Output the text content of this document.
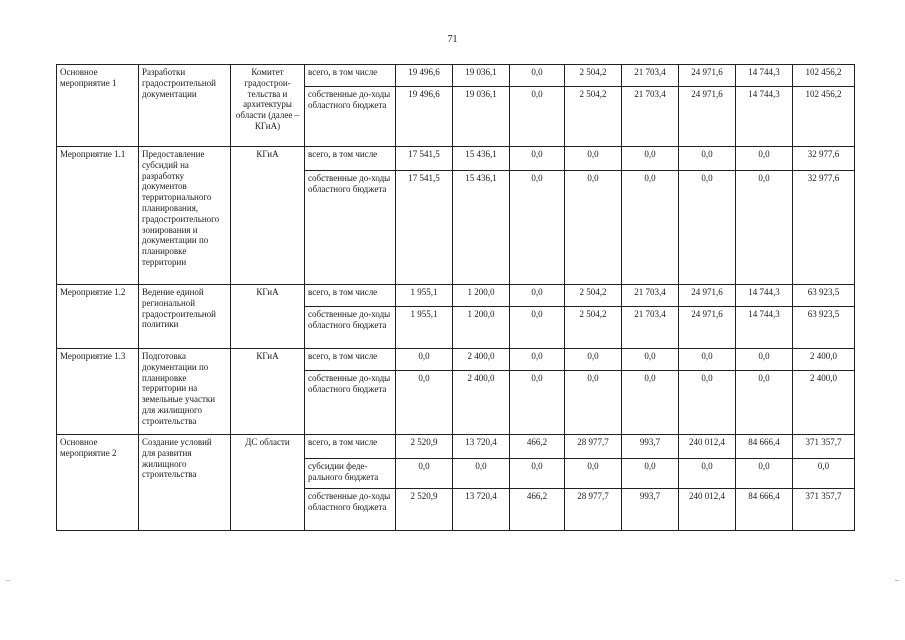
71
Основное мероприятие 1	Разработки градостроительной документации	Комитет градострои-тельства и архитектуры области (далее – КГиА)	всего, в том числе	19 496,6	19 036,1	0,0	2 504,2	21 703,4	24 971,6	14 744,3	102 456,2
			собственные до-ходы областного бюджета	19 496,6	19 036,1	0,0	2 504,2	21 703,4	24 971,6	14 744,3	102 456,2
Мероприятие 1.1	Предоставление субсидий на разработку документов территориального планирования, градостроительного зонирования и документации по планировке территории	КГиА	всего, в том числе	17 541,5	15 436,1	0,0	0,0	0,0	0,0	0,0	32 977,6
			собственные до-ходы областного бюджета	17 541,5	15 436,1	0,0	0,0	0,0	0,0	0,0	32 977,6
Мероприятие 1.2	Ведение единой региональной градостроительной политики	КГиА	всего, в том числе	1 955,1	1 200,0	0,0	2 504,2	21 703,4	24 971,6	14 744,3	63 923,5
			собственные до-ходы областного бюджета	1 955,1	1 200,0	0,0	2 504,2	21 703,4	24 971,6	14 744,3	63 923,5
Мероприятие 1.3	Подготовка документации по планировке территории на земельные участки для жилищного строительства	КГиА	всего, в том числе	0,0	2 400,0	0,0	0,0	0,0	0,0	0,0	2 400,0
			собственные до-ходы областного бюджета	0,0	2 400,0	0,0	0,0	0,0	0,0	0,0	2 400,0
Основное мероприятие 2	Создание условий для развития жилищного строительства	ДС области	всего, в том числе	2 520,9	13 720,4	466,2	28 977,7	993,7	240 012,4	84 666,4	371 357,7
			субсидии феде-рального бюджета	0,0	0,0	0,0	0,0	0,0	0,0	0,0	0,0
			собственные до-ходы областного бюджета	2 520,9	13 720,4	466,2	28 977,7	993,7	240 012,4	84 666,4	371 357,7
